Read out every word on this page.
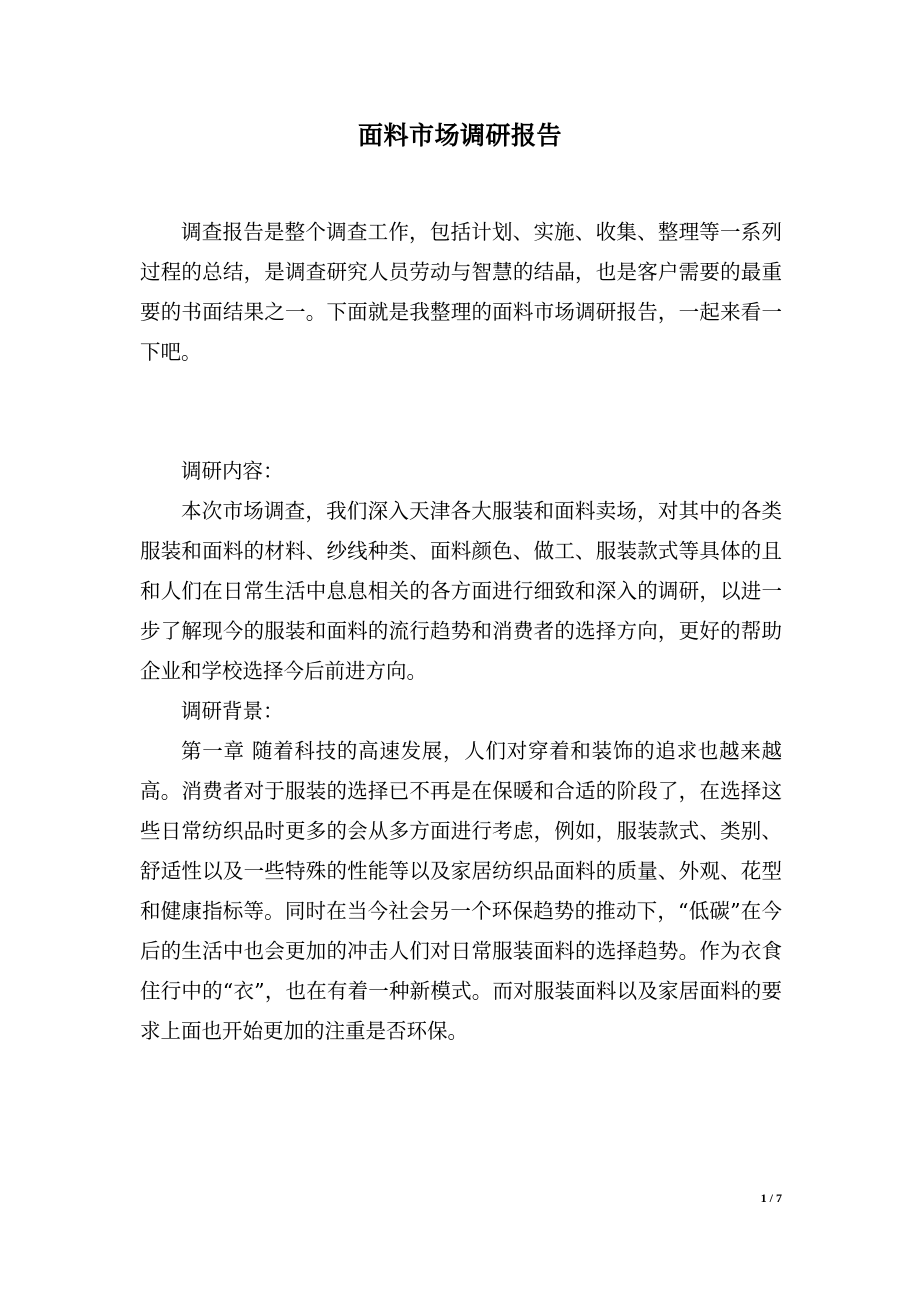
面料市场调研报告

调查报告是整个调查工作，包括计划、实施、收集、整理等一系列过程的总结，是调查研究人员劳动与智慧的结晶，也是客户需要的最重要的书面结果之一。下面就是我整理的面料市场调研报告，一起来看一下吧。

调研内容：

本次市场调查，我们深入天津各大服装和面料卖场，对其中的各类服装和面料的材料、纱线种类、面料颜色、做工、服装款式等具体的且和人们在日常生活中息息相关的各方面进行细致和深入的调研，以进一步了解现今的服装和面料的流行趋势和消费者的选择方向，更好的帮助企业和学校选择今后前进方向。

调研背景：

第一章 随着科技的高速发展，人们对穿着和装饰的追求也越来越高。消费者对于服装的选择已不再是在保暖和合适的阶段了，在选择这些日常纺织品时更多的会从多方面进行考虑，例如，服装款式、类别、舒适性以及一些特殊的性能等以及家居纺织品面料的质量、外观、花型和健康指标等。同时在当今社会另一个环保趋势的推动下，“低碳”在今后的生活中也会更加的冲击人们对日常服装面料的选择趋势。作为衣食住行中的“衣”，也在有着一种新模式。而对服装面料以及家居面料的要求上面也开始更加的注重是否环保。

1 / 7
